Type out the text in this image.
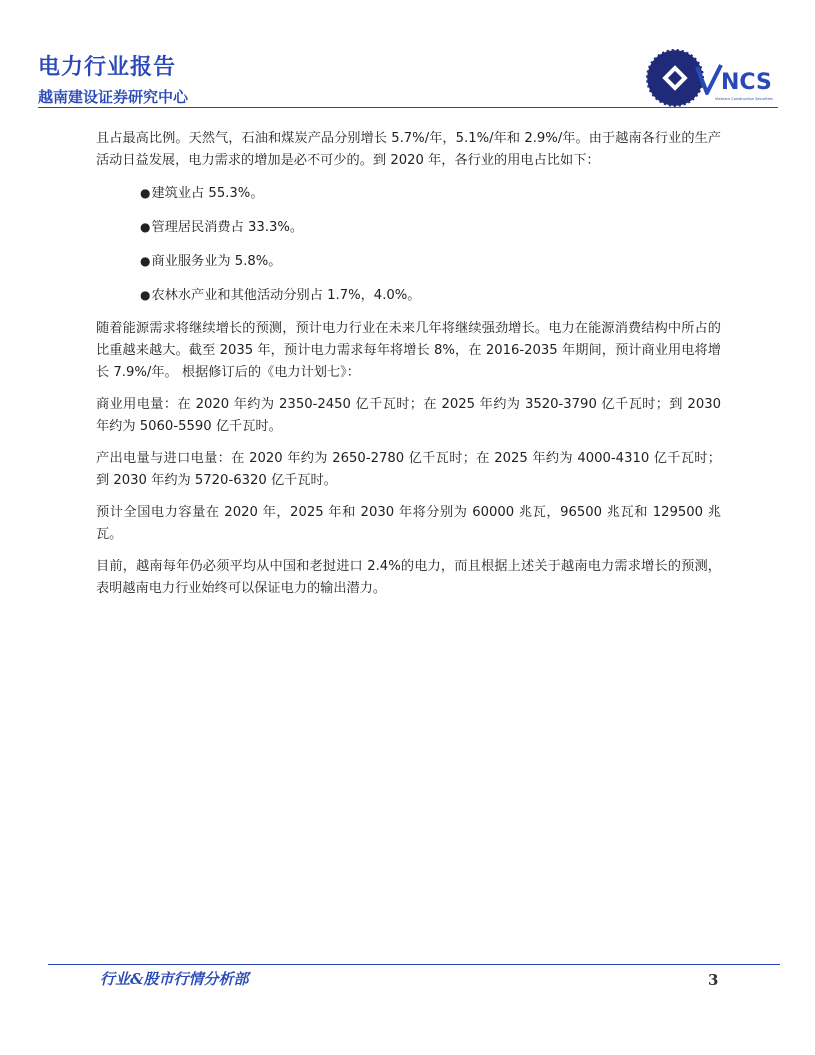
电力行业报告
越南建设证券研究中心
NCS
Vietnam Construction Securities

且占最高比例。天然气，石油和煤炭产品分别增长 5.7%/年，5.1%/年和 2.9%/年。由于越南各行业的生产活动日益发展，电力需求的增加是必不可少的。到 2020 年，各行业的用电占比如下：

●建筑业占 55.3%。
●管理居民消费占 33.3%。
●商业服务业为 5.8%。
●农林水产业和其他活动分别占 1.7%，4.0%。

随着能源需求将继续增长的预测，预计电力行业在未来几年将继续强劲增长。电力在能源消费结构中所占的比重越来越大。截至 2035 年，预计电力需求每年将增长 8%，在 2016-2035 年期间，预计商业用电将增长 7.9%/年。 根据修订后的《电力计划七》：

商业用电量：在 2020 年约为 2350-2450 亿千瓦时；在 2025 年约为 3520-3790 亿千瓦时；到 2030 年约为 5060-5590 亿千瓦时。

产出电量与进口电量：在 2020 年约为 2650-2780 亿千瓦时；在 2025 年约为 4000-4310 亿千瓦时；到 2030 年约为 5720-6320 亿千瓦时。

预计全国电力容量在 2020 年，2025 年和 2030 年将分别为 60000 兆瓦，96500 兆瓦和 129500 兆瓦。

目前，越南每年仍必须平均从中国和老挝进口 2.4%的电力，而且根据上述关于越南电力需求增长的预测，表明越南电力行业始终可以保证电力的输出潜力。

行业&股市行情分析部	3
